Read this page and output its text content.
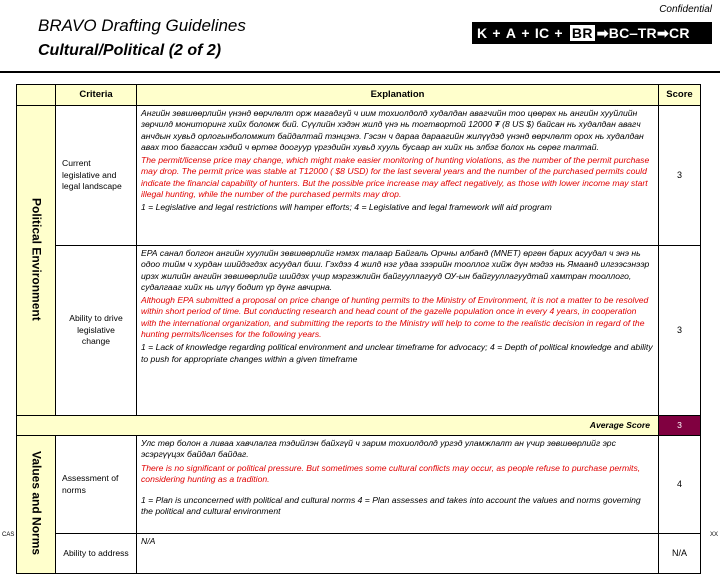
Confidential
BRAVO Drafting Guidelines
Cultural/Political (2 of 2)
K + A + IC + BR ➡ BC ‒ TR ➡ CR
	Criteria	Explanation	Score
Political Environment	Current legislative and legal landscape	Ангийн зөвшөөрлийн үнэнд өөрчлөлт орж магадгүй ч иим тохиолдолд худалдан авагчийн тоо цөөрөх нь ангийн хууйлийн зөрчилд мониторинг хийх боломж бий. Сүүлийн хэдэн жилд үнэ нь тогтвортой 12000 ₮ (8 US $) байсан нь худалдан авагч анчдын хувьд орлогынболомжит байдалтай тэнцэнэ. Гэсэн ч дараа дараагийн жилүүдэд үнэнд өөрчлөлт орох нь худалдан авах тоо багассан хэдий ч өртөг доогуур үргэдийн хувьд хууль бусаар ан хийх нь элбэг болох нь сөрөг талтай.

The permit/license price may change, which might make easier monitoring of hunting violations, as the number of the permit purchase may drop. The permit price was stable at T12000 ( $8 USD) for the last several years and the number of the purchased permits could indicate the financial capability of hunters. But the possible price increase may affect negatively, as those with lower income may start illegal hunting, while the number of the purchased permits may drop.

1 = Legislative and legal restrictions will hamper efforts; 4 = Legislative and legal framework will aid program	3
	Ability to drive legislative change	ЕРА санал болгон ангийн хуулийн зөвшөөрлийг нэмэх талаар Байгаль Орчны албанд (MNET) өргөн барих асуудал ч энэ нь одоо тийм ч хурдан шийдэгдэх асуудал биш. Гэхдээ 4 жилд нэг удаа зээрийн тооллог хийж дүн мэдээ нь Ямаанд илгээсэнээр ирэх жилийн ангийн зөвшөөрлийг шийдэх үчир мэргэжлийн байгууллагууд ОУ-ын байгууллагуудтай хамтран тооллого, судалгааг хийх нь илүү бодит үр дүнг авчирна.

Although EPA submitted a proposal on price change of hunting permits to the Ministry of Environment, it is not a matter to be resolved within short period of time. But conducting research and head count of the gazelle population once in every 4 years, in cooperation with the international organization, and submitting the reports to the Ministry will help to come to the realistic decision in regard of the hunting permits/licenses for the following years.

1 = Lack of knowledge regarding political environment and unclear timeframe for advocacy; 4 = Depth of political knowledge and ability to push for appropriate changes within a given timeframe	3
Average Score			3
Values and Norms	Assessment of norms	Улс төр болон а ливаа хавчлалга тэдийлэн байхгүй ч зарим тохиолдолд ургэд уламжлалт ан үчир зөвшөөрлийг эрс эсэргүүцэх байдал байдаг.

There is no significant or political pressure. But sometimes some cultural conflicts may occur, as people refuse to purchase permits, considering hunting as a tradition.

1 = Plan is unconcerned with political and cultural norms 4 = Plan assesses and takes into account the values and norms governing the political and cultural environment	4
	Ability to address	N/A	N/A
CAS	XX
